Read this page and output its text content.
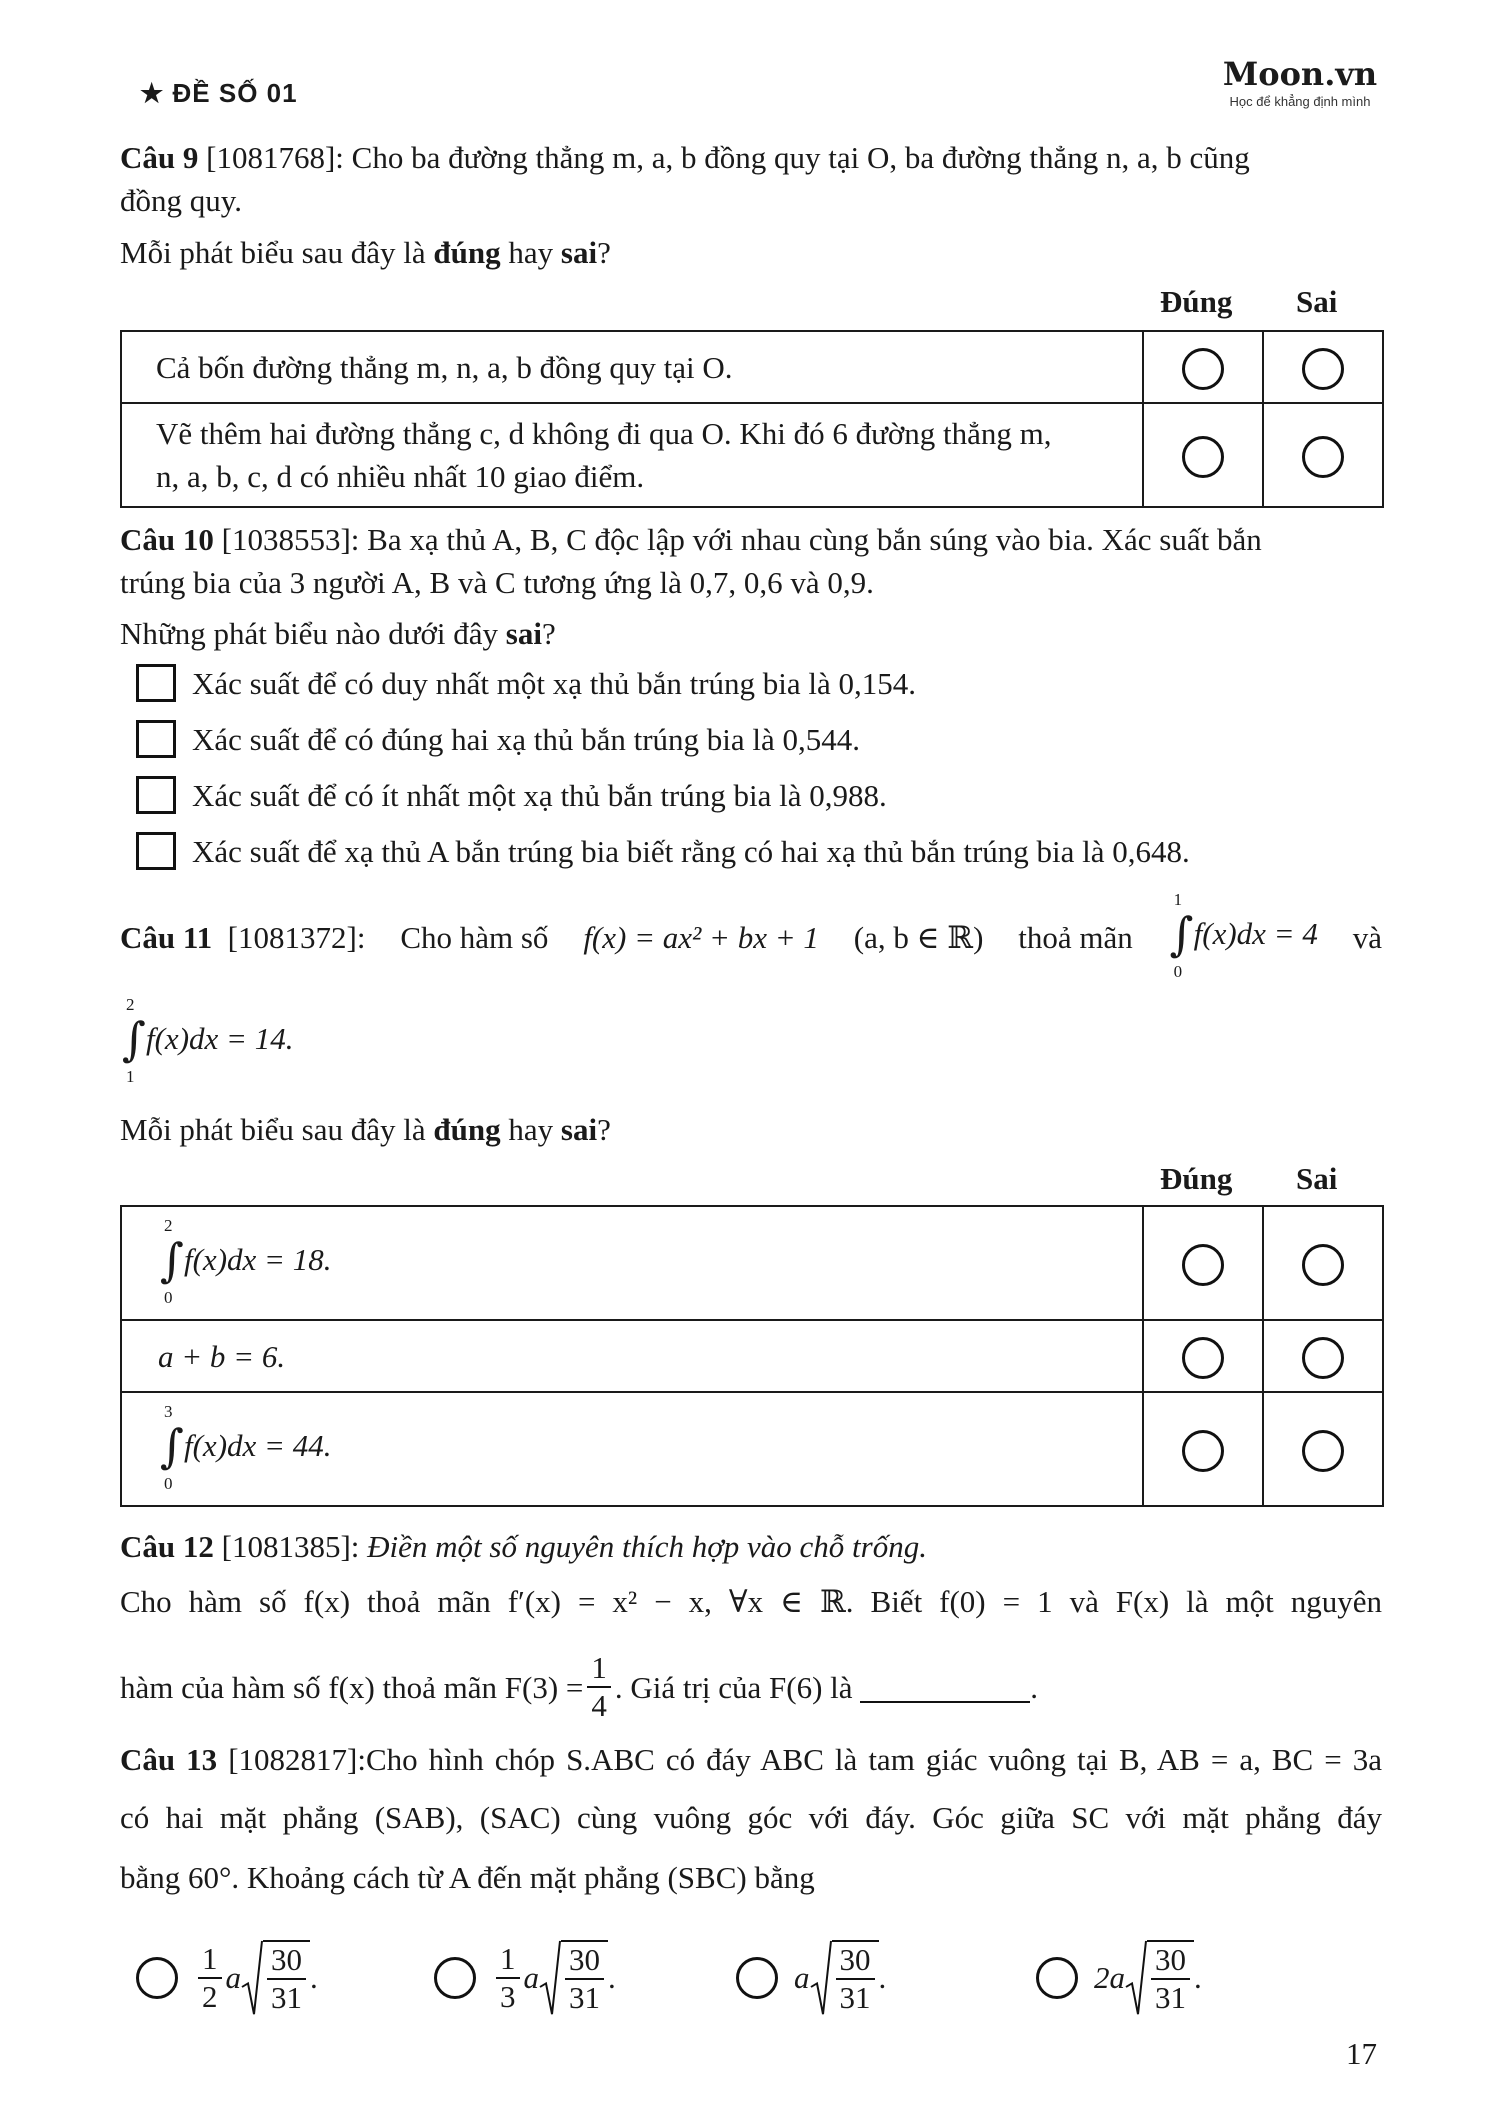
★ ĐỀ SỐ 01	Moon.vn
Học để khẳng định mình
Câu 9 [1081768]: Cho ba đường thẳng m, a, b đồng quy tại O, ba đường thẳng n, a, b cũng
đồng quy.
Mỗi phát biểu sau đây là đúng hay sai?
Đúng Sai
Cả bốn đường thẳng m, n, a, b đồng quy tại O.		
Vẽ thêm hai đường thẳng c, d không đi qua O. Khi đó 6 đường thẳng m,
n, a, b, c, d có nhiều nhất 10 giao điểm.		
Câu 10 [1038553]: Ba xạ thủ A, B, C độc lập với nhau cùng bắn súng vào bia. Xác suất bắn
trúng bia của 3 người A, B và C tương ứng là 0,7, 0,6 và 0,9.
Những phát biểu nào dưới đây sai?
Xác suất để có duy nhất một xạ thủ bắn trúng bia là 0,154.
Xác suất để có đúng hai xạ thủ bắn trúng bia là 0,544.
Xác suất để có ít nhất một xạ thủ bắn trúng bia là 0,988.
Xác suất để xạ thủ A bắn trúng bia biết rằng có hai xạ thủ bắn trúng bia là 0,648.
Câu 11 [1081372]: Cho hàm số f(x) = ax² + bx + 1 (a, b ∈ ℝ) thoả mãn
1
∫
0
f(x)dx = 4 và
2
∫
1
f(x)dx = 14.
Mỗi phát biểu sau đây là đúng hay sai?
Đúng Sai
2
∫
0
f(x)dx = 18.		
a + b = 6.		

3
∫
0
f(x)dx = 44.		
Câu 12 [1081385]: Điền một số nguyên thích hợp vào chỗ trống.
Cho hàm số f(x) thoả mãn f′(x) = x² − x, ∀x ∈ ℝ. Biết f(0) = 1 và F(x) là một nguyên
hàm của hàm số f(x) thoả mãn $F(3) = \frac{1}{4}$ . Giá trị của F(6) là
	.
Câu 13 [1082817]:Cho hình chóp S.ABC có đáy ABC là tam giác vuông tại B, AB = a, BC = 3a
có hai mặt phẳng (SAB), (SAC) cùng vuông góc với đáy. Góc giữa SC với mặt phẳng đáy
bằng 60°. Khoảng cách từ A đến mặt phẳng (SBC) bằng
$\frac{1}{2}$ a $\frac{30}{31}$ .	$\frac{1}{3}$ a $\frac{30}{31}$ .	a $\frac{30}{31}$ .	$2a \frac{30}{31}$ .
17
